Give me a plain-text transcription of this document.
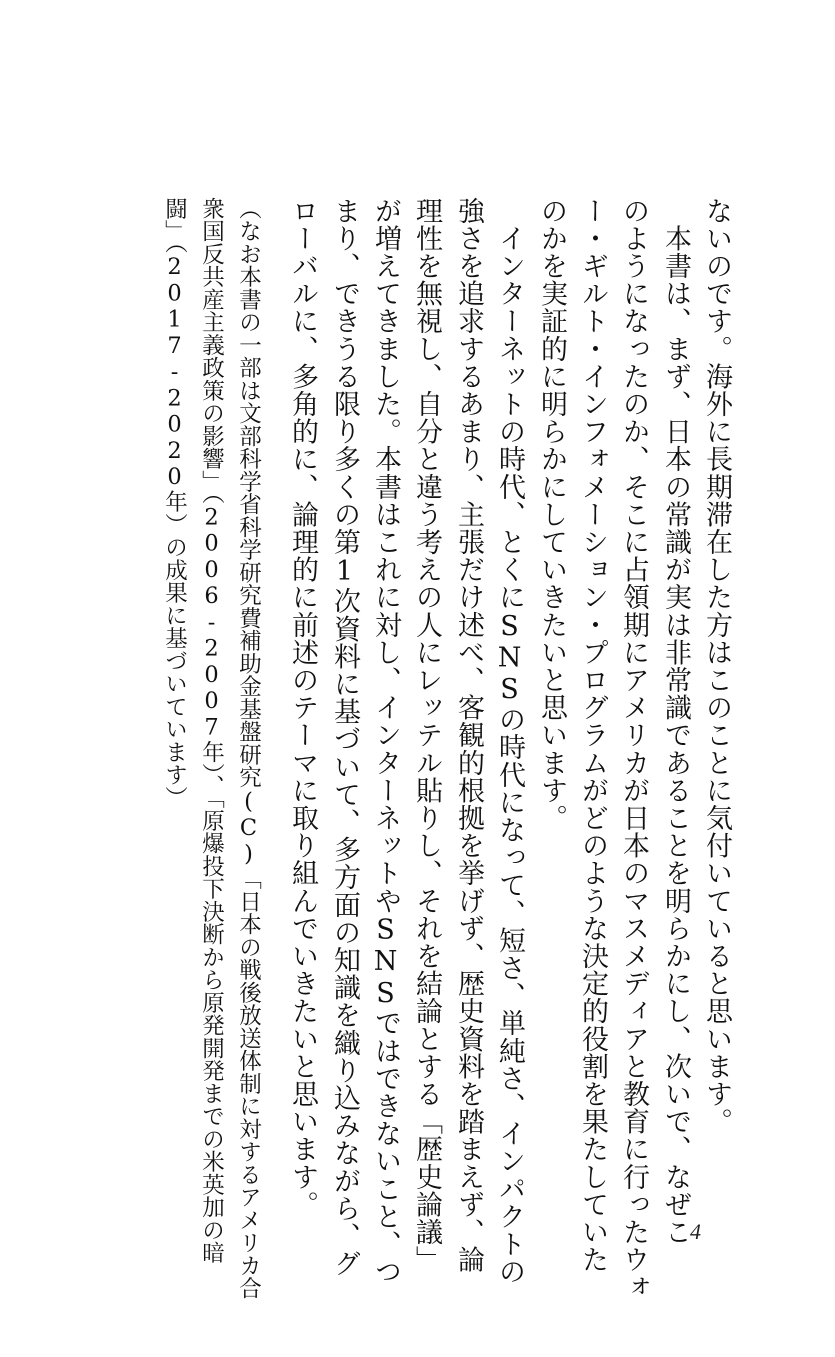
ないのです。海外に長期滞在した方はこのことに気付いていると思います。
　本書は、まず、日本の常識が実は非常識であることを明らかにし、次いで、なぜこ
のようになったのか、そこに占領期にアメリカが日本のマスメディアと教育に行ったウォ
ー・ギルト・インフォメーション・プログラムがどのような決定的役割を果たしていた
のかを実証的に明らかにしていきたいと思います。
　インターネットの時代、とくにSNSの時代になって、短さ、単純さ、インパクトの
強さを追求するあまり、主張だけ述べ、客観的根拠を挙げず、歴史資料を踏まえず、論
理性を無視し、自分と違う考えの人にレッテル貼りし、それを結論とする「歴史論議」
が増えてきました。本書はこれに対し、インターネットやSNSではできないこと、つ
まり、できうる限り多くの第1次資料に基づいて、多方面の知識を織り込みながら、グ
ローバルに、多角的に、論理的に前述のテーマに取り組んでいきたいと思います。
（なお本書の一部は文部科学省科学研究費補助金基盤研究(C)「日本の戦後放送体制に対するアメリカ合
衆国反共産主義政策の影響」（2006-2007年）、「原爆投下決断から原発開発までの米英加の暗
闘」（2017-2020年）の成果に基づいています）
4
